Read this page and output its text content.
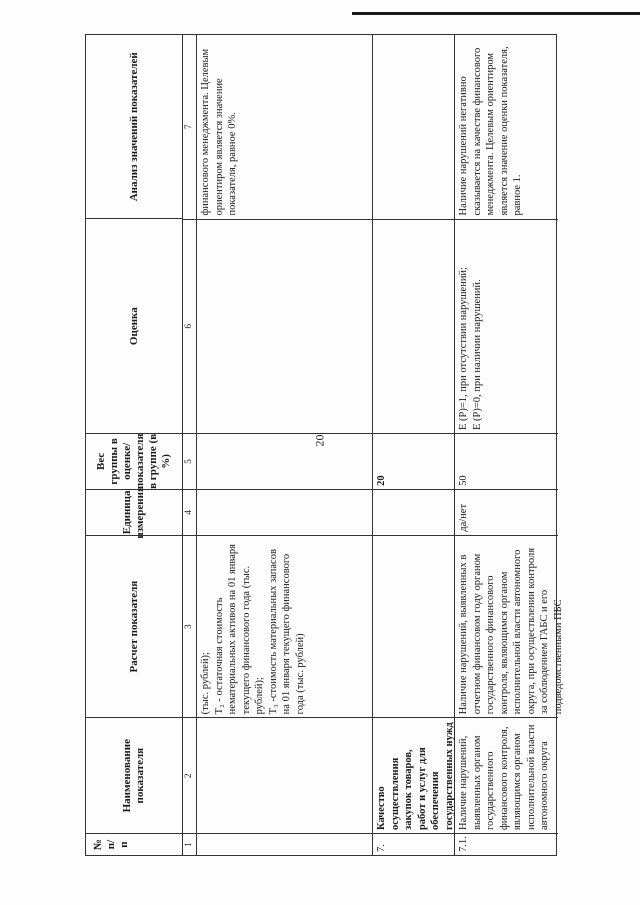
20
№ п/п
Наименование показателя
Расчет показателя
Единица измерения
Вес группы в оценке/ показателя в группе (в %)
Оценка
Анализ значений показателей
1
2
3
4
5
6
7
(тыс. рублей);
Т₂ - остаточная стоимость нематериальных активов на 01 января текущего финансового года (тыс. рублей);
Т₃ -стоимость материальных запасов на 01 января текущего финансового года (тыс. рублей)
финансового менеджмента. Целевым ориентиром является значение показателя, равное 0%.
7.
Качество осуществления закупок товаров, работ и услуг для обеспечения государственных нужд
20
7.1.
Наличие нарушений, выявленных органом государственного финансового контроля, являющимся органом исполнительной власти автономного округа
Наличие нарушений, выявленных в отчетном финансовом году органом государственного финансового контроля, являющимся органом исполнительной власти автономного округа, при осуществлении контроля за соблюдением ГАБС и его подведомственными ПБС
да/нет
50
Е (Р)=1, при отсутствии нарушений; Е (Р)=0, при наличии нарушений.
Наличие нарушений негативно сказывается на качестве финансового менеджмента. Целевым ориентиром является значение оценки показателя, равное 1.
